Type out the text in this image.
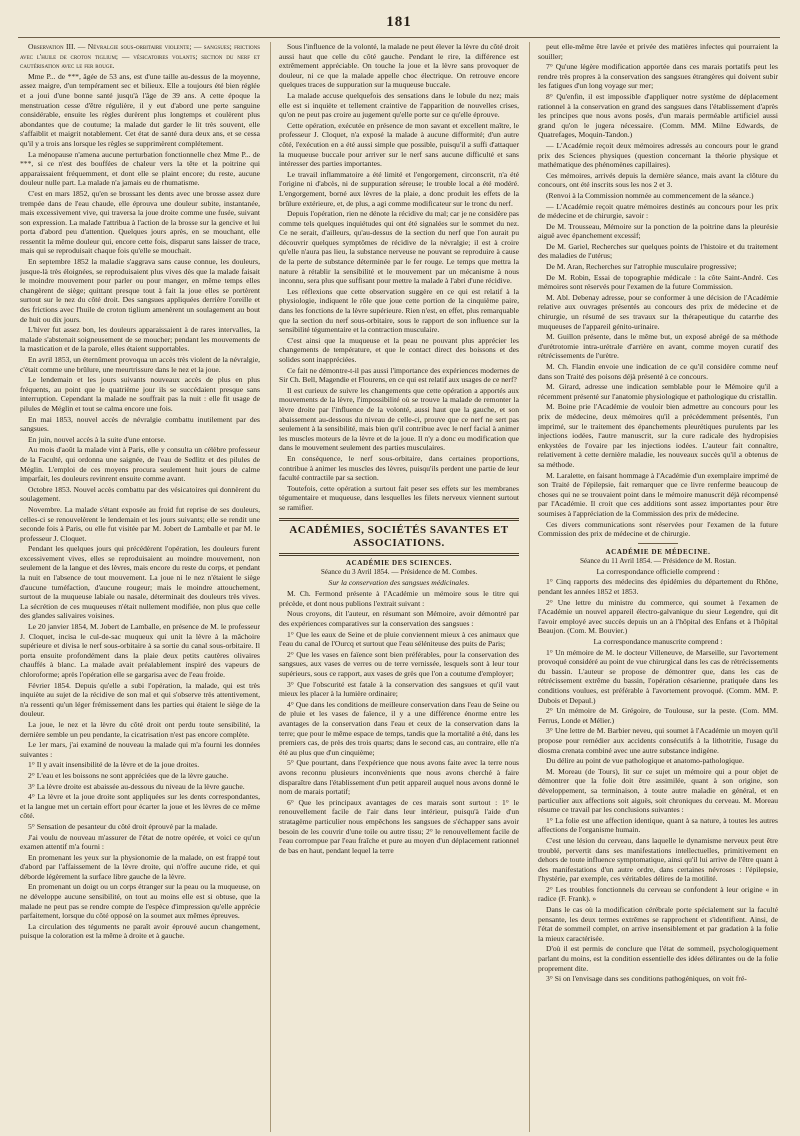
181

Observation III. — Névralgie sous-orbitaire violente; — sangsues; frictions avec l'huile de croton tiglium; — vésicatoires volants; section du nerf et cautérisation avec le fer rouge.

Mme P... de ***, âgée de 53 ans, est d'une taille au-dessus de la moyenne, assez maigre, d'un tempérament sec et bilieux. Elle a toujours été bien réglée et a joui d'une bonne santé jusqu'à l'âge de 39 ans. A cette époque la menstruation cesse d'être régulière, il y eut d'abord une perte sanguine considérable, ensuite les règles durèrent plus longtemps et coulèrent plus abondantes que de coutume; la malade dut garder le lit très souvent, elle s'affaiblit et maigrit notablement. Cet état de santé dura deux ans, et se cessa qu'il y a trois ans lorsque les règles se supprimèrent complétement.

La ménopause n'amena aucune perturbation fonctionnelle chez Mme P... de ***, si ce n'est des bouffées de chaleur vers la tête et la poitrine qui apparaissaient fréquemment, et dont elle se plaint encore; du reste, aucune douleur nulle part. La malade n'a jamais eu de rhumatisme.

C'est en mars 1852, qu'en se brossant les dents avec une brosse assez dure trempée dans de l'eau chaude, elle éprouva une douleur subite, instantanée, mais excessivement vive, qui traversa la joue droite comme une fusée, suivant son expression. La malade l'attribua à l'action de la brosse sur la gencive et lui porta d'abord peu d'attention. Quelques jours après, en se mouchant, elle ressentit la même douleur qui, encore cette fois, disparut sans laisser de trace, mais qui se reproduisait chaque fois qu'elle se mouchait.

En septembre 1852 la maladie s'aggrava sans cause connue, les douleurs, jusque-là très éloignées, se reproduisaient plus vives dès que la malade faisait le moindre mouvement pour parler ou pour manger, en même temps elles changèrent de siège; quittant presque tout à fait la joue elles se portèrent surtout sur le nez du côté droit. Des sangsues appliquées derrière l'oreille et des frictions avec l'huile de croton tiglium amenèrent un soulagement au bout de huit ou dix jours.

L'hiver fut assez bon, les douleurs apparaissaient à de rares intervalles, la malade s'abstenait soigneusement de se moucher; pendant les mouvements de la mastication et de la parole, elles étaient supportables.

En avril 1853, un éternûment provoqua un accès très violent de la névralgie, c'était comme une brûlure, une meurtrissure dans le nez et la joue.

Le lendemain et les jours suivants nouveaux accès de plus en plus fréquents, au point que le quatrième jour ils se succédaient presque sans interruption. Cependant la malade ne souffrait pas la nuit : elle fit usage de pilules de Méglin et tout se calma encore une fois.

En mai 1853, nouvel accès de névralgie combattu inutilement par des sangsues.

En juin, nouvel accès à la suite d'une entorse.

Au mois d'août la malade vint à Paris, elle y consulta un célèbre professeur de la Faculté, qui ordonna une saignée, de l'eau de Sedlitz et des pilules de Méglin. L'emploi de ces moyens procura seulement huit jours de calme imparfait, les douleurs revinrent ensuite comme avant.

Octobre 1853. Nouvel accès combattu par des vésicatoires qui donnèrent du soulagement.

Novembre. La malade s'étant exposée au froid fut reprise de ses douleurs, celles-ci se renouvelèrent le lendemain et les jours suivants; elle se rendit une seconde fois à Paris, ou elle fut visitée par M. Jobert de Lamballe et par M. le professeur J. Cloquet.

Pendant les quelques jours qui précédèrent l'opération, les douleurs furent excessivement vives, elles se reproduisaient au moindre mouvement, non seulement de la langue et des lèvres, mais encore du reste du corps, et pendant la nuit en l'absence de tout mouvement. La joue ni le nez n'étaient le siège d'aucune tuméfaction, d'aucune rougeur; mais le moindre attouchement, surtout de la muqueuse labiale ou nasale, déterminait des douleurs très vives. La sécrétion de ces muqueuses n'était nullement modifiée, non plus que celle des glandes salivaires voisines.

Le 20 janvier 1854, M. Jobert de Lamballe, en présence de M. le professeur J. Cloquet, incisa le cul-de-sac muqueux qui unit la lèvre à la mâchoire supérieure et divisa le nerf sous-orbitaire à sa sortie du canal sous-orbitaire. Il porta ensuite profondément dans la plaie deux petits cautères olivaires chauffés à blanc. La malade avait préalablement inspiré des vapeurs de chloroforme; après l'opération elle se gargarisa avec de l'eau froide.

Février 1854. Depuis qu'elle a subi l'opération, la malade, qui est très inquiète au sujet de la récidive de son mal et qui s'observe très attentivement, n'a ressenti qu'un léger frémissement dans les parties qui étaient le siège de la douleur.

La joue, le nez et la lèvre du côté droit ont perdu toute sensibilité, la dernière semble un peu pendante, la cicatrisation n'est pas encore complète.

Le 1er mars, j'ai examiné de nouveau la malade qui m'a fourni les données suivantes :

1° Il y avait insensibilité de la lèvre et de la joue droites.

2° L'eau et les boissons ne sont appréciées que de la lèvre gauche.

3° La lèvre droite est abaissée au-dessous du niveau de la lèvre gauche.

4° La lèvre et la joue droite sont appliquées sur les dents correspondantes, et la langue met un certain effort pour écarter la joue et les lèvres de ce même côté.

5° Sensation de pesanteur du côté droit éprouvé par la malade.

J'ai voulu de nouveau m'assurer de l'état de notre opérée, et voici ce qu'un examen attentif m'a fourni :

En promenant les yeux sur la physionomie de la malade, on est frappé tout d'abord par l'affaissement de la lèvre droite, qui n'offre aucune ride, et qui déborde légèrement la surface libre gauche de la lèvre.

En promenant un doigt ou un corps étranger sur la peau ou la muqueuse, on ne développe aucune sensibilité, on tout au moins elle est si obtuse, que la malade ne peut pas se rendre compte de l'espèce d'impression qu'elle apprécie parfaitement, lorsque du côté opposé on la soumet aux mêmes épreuves.

La circulation des téguments ne paraît avoir éprouvé aucun changement, puisque la coloration est la même à droite et à gauche.

Sous l'influence de la volonté, la malade ne peut élever la lèvre du côté droit aussi haut que celle du côté gauche. Pendant le rire, la différence est extrêmement appréciable. On touche la joue et la lèvre sans provoquer de douleur, ni ce que la malade appelle choc électrique. On retrouve encore quelques traces de suppuration sur la muqueuse buccale.

La malade accuse quelquefois des sensations dans le lobule du nez; mais elle est si inquiète et tellement craintive de l'apparition de nouvelles crises, qu'on ne peut pas croire au jugement qu'elle porte sur ce qu'elle éprouve.

Cette opération, exécutée en présence de mon savant et excellent maître, le professeur J. Cloquet, n'a exposé la malade à aucune difformité; d'un autre côté, l'exécution en a été aussi simple que possible, puisqu'il a suffi d'attaquer la muqueuse buccale pour arriver sur le nerf sans aucune difficulté et sans intéresser des parties importantes.

Le travail inflammatoire a été limité et l'engorgement, circonscrit, n'a été l'origine ni d'abcès, ni de suppuration séreuse; le trouble local a été modéré. L'engorgement, borné aux lèvres de la plaie, a donc produit les effets de la brûlure extérieure, et, de plus, a agi comme modificateur sur le tronc du nerf.

Depuis l'opération, rien ne dénote la récidive du mal; car je ne considère pas comme tels quelques inquiétudes qui ont été signalées sur le sommet du nez. Ce ne serait, d'ailleurs, qu'au-dessus de la section du nerf que l'on aurait pu découvrir quelques symptômes de récidive de la névralgie; il est à croire qu'elle n'aura pas lieu, la substance nerveuse ne pouvant se reproduire à cause de la perte de substance déterminée par le fer rouge. Le temps que mettra la nature à rétablir la sensibilité et le mouvement par un mécanisme à nous inconnu, sera plus que suffisant pour mettre la malade à l'abri d'une récidive.

Les réflexions que cette observation suggère en ce qui est relatif à la physiologie, indiquent le rôle que joue cette portion de la cinquième paire, dans les fonctions de la lèvre supérieure. Rien n'est, en effet, plus remarquable que la section du nerf sous-orbitaire, sous le rapport de son influence sur la sensibilité tégumentaire et la contraction musculaire.

C'est ainsi que la muqueuse et la peau ne pouvant plus apprécier les changements de température, et que le contact direct des boissons et des solides sont inappréciées.

Ce fait ne démontre-t-il pas aussi l'importance des expériences modernes de Sir Ch. Bell, Magendie et Flourens, en ce qui est relatif aux usages de ce nerf?

Il est curieux de suivre les changements que cette opération a apportés aux mouvements de la lèvre, l'impossibilité où se trouve la malade de remonter la lèvre droite par l'influence de la volonté, aussi haut que la gauche, et son abaissement au-dessous du niveau de celle-ci, prouve que ce nerf ne sert pas seulement à la sensibilité, mais bien qu'il contribue avec le nerf facial à animer les muscles moteurs de la lèvre et de la joue. Il n'y a donc eu modification que dans le mouvement seulement des parties musculaires.

En conséquence, le nerf sous-orbitaire, dans certaines proportions, contribue à animer les muscles des lèvres, puisqu'ils perdent une partie de leur faculté contractile par sa section.

Toutefois, cette opération a surtout fait peser ses effets sur les membranes tégumentaire et muqueuse, dans lesquelles les filets nerveux viennent surtout se ramifier.

ACADÉMIES, SOCIÉTÉS SAVANTES ET ASSOCIATIONS.
ACADÉMIE DES SCIENCES.
Séance du 3 Avril 1854. — Présidence de M. Combes.
Sur la conservation des sangsues médicinales.

M. Ch. Fermond présente à l'Académie un mémoire sous le titre qui précède, et dont nous publions l'extrait suivant :

Nous croyons, dit l'auteur, en résumant son Mémoire, avoir démontré par des expériences comparatives sur la conservation des sangsues :

1° Que les eaux de Seine et de pluie conviennent mieux à ces animaux que l'eau du canal de l'Ourcq et surtout que l'eau séléniteuse des puits de Paris;

2° Que les vases en faïence sont bien préférables, pour la conservation des sangsues, aux vases de verres ou de terre vernissée, lesquels sont à leur tour supérieurs, sous ce rapport, aux vases de grès que l'on a coutume d'employer;

3° Que l'obscurité est fatale à la conservation des sangsues et qu'il vaut mieux les placer à la lumière ordinaire;

4° Que dans les conditions de meilleure conservation dans l'eau de Seine ou de pluie et les vases de faïence, il y a une différence énorme entre les avantages de la conservation dans l'eau et ceux de la conservation dans la terre; que pour le même espace de temps, tandis que la mortalité a été, dans les premiers cas, de près des trois quarts; dans le second cas, au contraire, elle n'a été au plus que d'un cinquième;

5° Que pourtant, dans l'expérience que nous avons faite avec la terre nous avons reconnu plusieurs inconvénients que nous avons cherché à faire disparaître dans l'établissement d'un petit appareil auquel nous avons donné le nom de marais portatif;

6° Que les principaux avantages de ces marais sont surtout : 1° le renouvellement facile de l'air dans leur intérieur, puisqu'à l'aide d'un stratagème particulier nous empêchons les sangsues de s'échapper sans avoir besoin de les couvrir d'une toile ou autre tissu; 2° le renouvellement facile de l'eau corrompue par l'eau fraîche et pure au moyen d'un déplacement rationnel de bas en haut, pendant lequel la terre

peut elle-même être lavée et privée des matières infectes qui pourraient la souiller;

7° Qu'une légère modification apportée dans ces marais portatifs peut les rendre très propres à la conservation des sangsues étrangères qui doivent subir les fatigues d'un long voyage sur mer;

8° Qu'enfin, il est impossible d'appliquer notre système de déplacement rationnel à la conservation en grand des sangsues dans l'établissement d'après les principes que nous avons posés, d'un marais perméable artificiel aussi grand qu'on le jugera nécessaire. (Comm. MM. Milne Edwards, de Quatrefages, Moquin-Tandon.)

— L'Académie reçoit deux mémoires adressés au concours pour le grand prix des Sciences physiques (question concernant la théorie physique et mathématique des phénomènes capillaires).

Ces mémoires, arrivés depuis la dernière séance, mais avant la clôture du concours, ont été inscrits sous les nos 2 et 3.

(Renvoi à la Commission nommée au commencement de la séance.)

— L'Académie reçoit quatre mémoires destinés au concours pour les prix de médecine et de chirurgie, savoir :

De M. Trousseau, Mémoire sur la ponction de la poitrine dans la pleurésie aiguë avec épanchement excessif;

De M. Gariel, Recherches sur quelques points de l'histoire et du traitement des maladies de l'utérus;

De M. Aran, Recherches sur l'atrophie musculaire progressive;

De M. Robin, Essai de topographie médicale : la côte Saint-André. Ces mémoires sont réservés pour l'examen de la future Commission.

M. Abl. Debenay adresse, pour se conformer à une décision de l'Académie relative aux ouvrages présentés au concours des prix de médecine et de chirurgie, un résumé de ses travaux sur la thérapeutique du catarrhe des muqueuses de l'appareil génito-urinaire.

M. Guillon présente, dans le même but, un exposé abrégé de sa méthode d'urétrotomie intra-urétrale d'arrière en avant, comme moyen curatif des rétrécissements de l'urètre.

M. Ch. Flandin envoie une indication de ce qu'il considère comme neuf dans son Traité des poisons déjà présenté à ce concours.

M. Girard, adresse une indication semblable pour le Mémoire qu'il a récemment présenté sur l'anatomie physiologique et pathologique du cristallin.

M. Boine prie l'Académie de vouloir bien admettre au concours pour les prix de médecine, deux mémoires qu'il a précédemment présentés, l'un imprimé, sur le traitement des épanchements pleurétiques purulents par les injections iodées, l'autre manuscrit, sur la cure radicale des hydropisies enkystées de l'ovaire par les injections iodées. L'auteur fait connaître, relativement à cette dernière maladie, les nouveaux succès qu'il a obtenus de sa méthode.

M. Laralette, en faisant hommage à l'Académie d'un exemplaire imprimé de son Traité de l'épilepsie, fait remarquer que ce livre renferme beaucoup de choses qui ne se trouvaient point dans le mémoire manuscrit déjà récompensé par l'Académie. Il croit que ces additions sont assez importantes pour être soumises à l'appréciation de la Commission des prix de médecine.

Ces divers communications sont réservées pour l'examen de la future Commission des prix de médecine et de chirurgie.

ACADÉMIE DE MÉDECINE.
Séance du 11 Avril 1854. — Présidence de M. Rostan.

La correspondance officielle comprend :

1° Cinq rapports des médecins des épidémies du département du Rhône, pendant les années 1852 et 1853.

2° Une lettre du ministre du commerce, qui soumet à l'examen de l'Académie un nouvel appareil électro-galvanique du sieur Legendre, qui dit l'avoir employé avec succès depuis un an à l'hôpital des Enfans et à l'hôpital Beaujon. (Com. M. Bouvier.)

La correspondance manuscrite comprend :

1° Un mémoire de M. le docteur Villeneuve, de Marseille, sur l'avortement provoqué considéré au point de vue chirurgical dans les cas de rétrécissements du bassin. L'auteur se propose de démontrer que, dans les cas de rétrécissement extrême du bassin, l'opération césarienne, pratiquée dans les conditions voulues, est préférable à l'avortement provoqué. (Comm. MM. P. Dubois et Depaul.)

2° Un mémoire de M. Grégoire, de Toulouse, sur la peste. (Com. MM. Ferrus, Londe et Mélier.)

3° Une lettre de M. Barbier neveu, qui soumet à l'Académie un moyen qu'il propose pour remédier aux accidents consécutifs à la lithotritie, l'usage du diosma crenata combiné avec une autre substance indigène.

Du délire au point de vue pathologique et anatomo-pathologique.

M. Moreau (de Tours), lit sur ce sujet un mémoire qui a pour objet de démontrer que la folie doit être assimilée, quant à son origine, son développement, sa terminaison, à toute autre maladie en général, et en particulier aux affections soit aiguës, soit chroniques du cerveau. M. Moreau résume ce travail par les conclusions suivantes :

1° La folie est une affection identique, quant à sa nature, à toutes les autres affections de l'organisme humain.

C'est une lésion du cerveau, dans laquelle le dynamisme nerveux peut être troublé, pervertit dans ses manifestations intellectuelles, primitivement en dehors de toute influence symptomatique, ainsi qu'il lui arrive de l'être quant à des manifestations d'un autre ordre, dans certaines névroses : l'épilepsie, l'hystérie, par exemple, ces véritables délires de la motilité.

2° Les troubles fonctionnels du cerveau se confondent à leur origine « in radice (F. Frank). »

Dans le cas où la modification cérébrale porte spécialement sur la faculté pensante, les deux termes extrêmes se rapprochent et s'identifient. Ainsi, de l'état de sommeil complet, on arrive insensiblement et par gradation à la folie la mieux caractérisée.

D'où il est permis de conclure que l'état de sommeil, psychologiquement parlant du moins, est la condition essentielle des idées délirantes ou de la folie proprement dite.

3° Si on l'envisage dans ses conditions pathogéniques, on voit fré-
